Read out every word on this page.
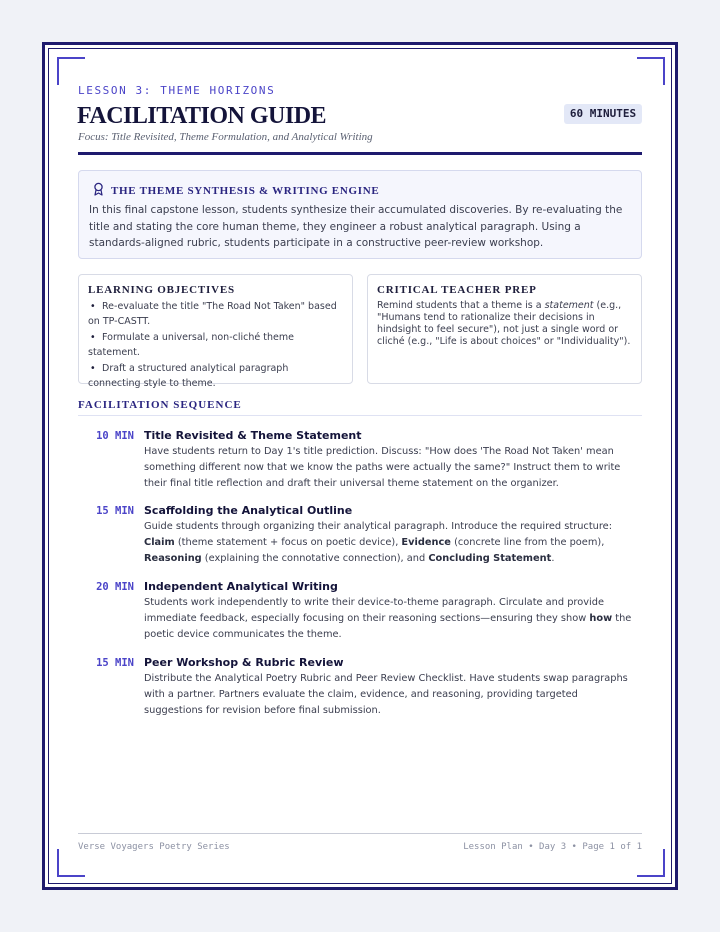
LESSON 3: THEME HORIZONS
FACILITATION GUIDE
Focus: Title Revisited, Theme Formulation, and Analytical Writing
60 MINUTES
THE THEME SYNTHESIS & WRITING ENGINE
In this final capstone lesson, students synthesize their accumulated discoveries. By re-evaluating the title and stating the core human theme, they engineer a robust analytical paragraph. Using a standards-aligned rubric, students participate in a constructive peer-review workshop.
LEARNING OBJECTIVES
• Re-evaluate the title "The Road Not Taken" based on TP-CASTT.
• Formulate a universal, non-cliché theme statement.
• Draft a structured analytical paragraph connecting style to theme.
CRITICAL TEACHER PREP
Remind students that a theme is a statement (e.g., "Humans tend to rationalize their decisions in hindsight to feel secure"), not just a single word or cliché (e.g., "Life is about choices" or "Individuality").
FACILITATION SEQUENCE
10 MIN Title Revisited & Theme Statement
Have students return to Day 1's title prediction. Discuss: "How does 'The Road Not Taken' mean something different now that we know the paths were actually the same?" Instruct them to write their final title reflection and draft their universal theme statement on the organizer.
15 MIN Scaffolding the Analytical Outline
Guide students through organizing their analytical paragraph. Introduce the required structure: Claim (theme statement + focus on poetic device), Evidence (concrete line from the poem), Reasoning (explaining the connotative connection), and Concluding Statement.
20 MIN Independent Analytical Writing
Students work independently to write their device-to-theme paragraph. Circulate and provide immediate feedback, especially focusing on their reasoning sections—ensuring they show how the poetic device communicates the theme.
15 MIN Peer Workshop & Rubric Review
Distribute the Analytical Poetry Rubric and Peer Review Checklist. Have students swap paragraphs with a partner. Partners evaluate the claim, evidence, and reasoning, providing targeted suggestions for revision before final submission.
Verse Voyagers Poetry Series	Lesson Plan • Day 3 • Page 1 of 1
